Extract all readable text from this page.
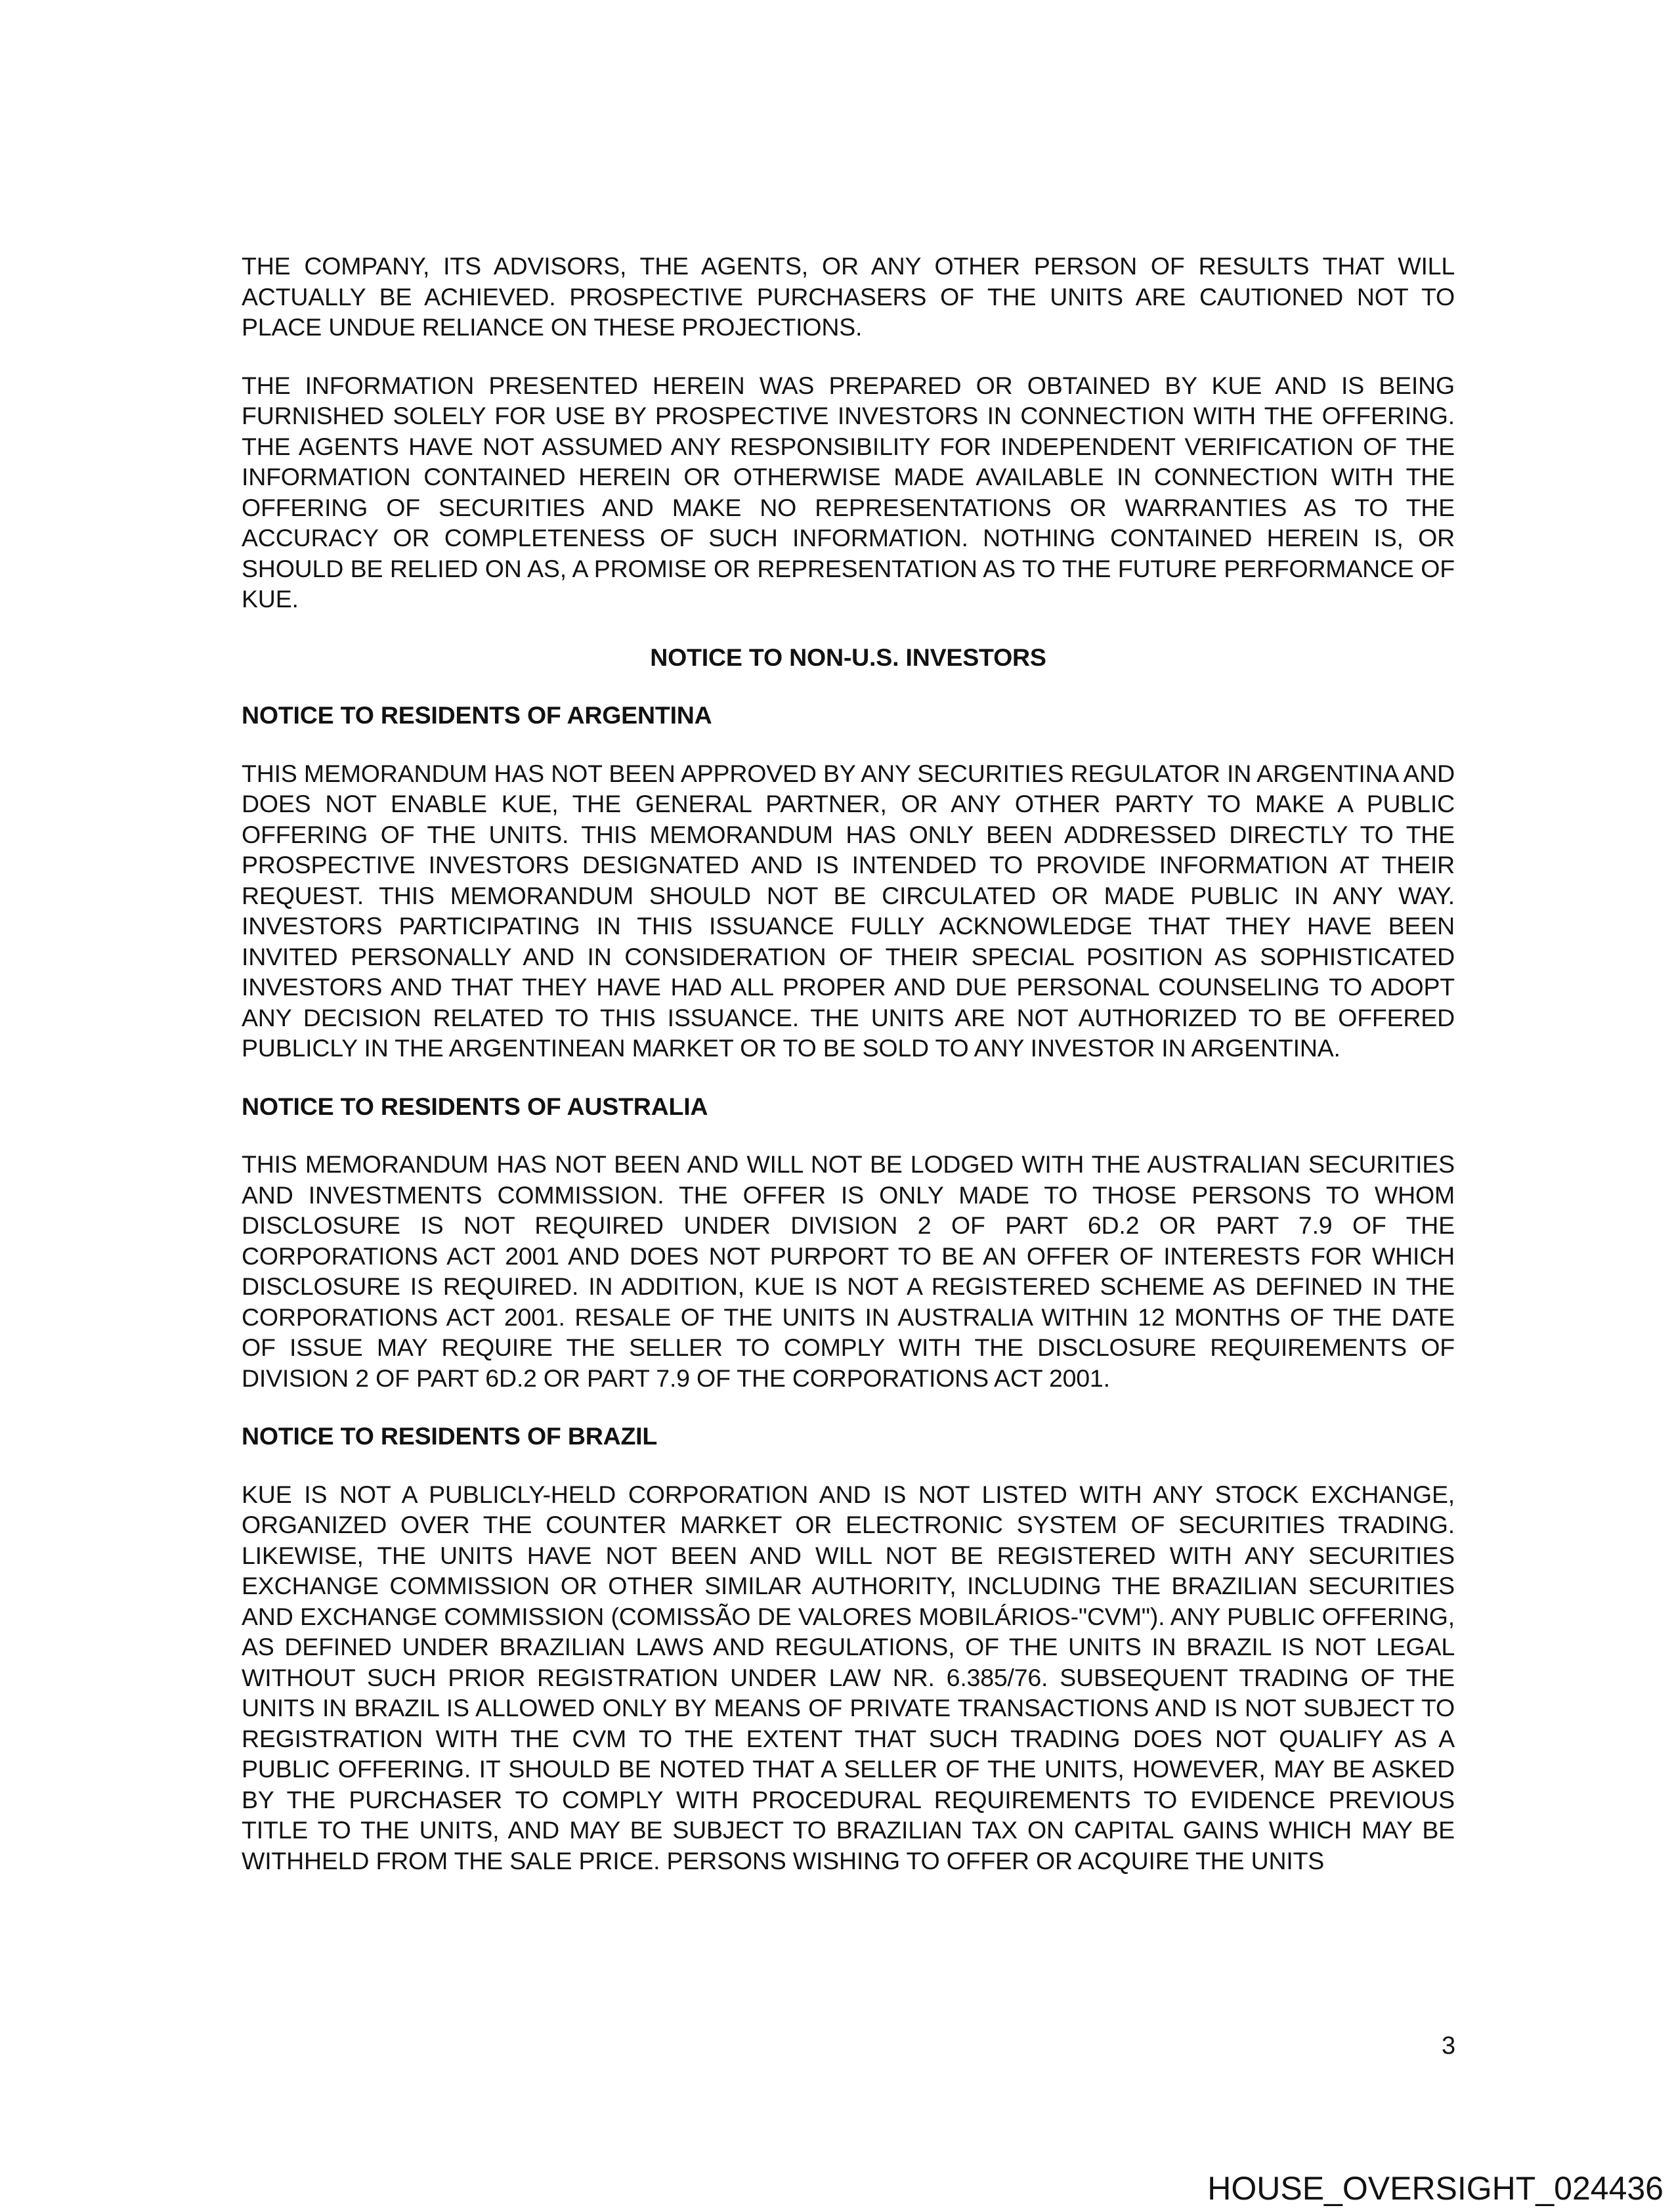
THE COMPANY, ITS ADVISORS, THE AGENTS, OR ANY OTHER PERSON OF RESULTS THAT WILL ACTUALLY BE ACHIEVED. PROSPECTIVE PURCHASERS OF THE UNITS ARE CAUTIONED NOT TO PLACE UNDUE RELIANCE ON THESE PROJECTIONS.

THE INFORMATION PRESENTED HEREIN WAS PREPARED OR OBTAINED BY KUE AND IS BEING FURNISHED SOLELY FOR USE BY PROSPECTIVE INVESTORS IN CONNECTION WITH THE OFFERING. THE AGENTS HAVE NOT ASSUMED ANY RESPONSIBILITY FOR INDEPENDENT VERIFICATION OF THE INFORMATION CONTAINED HEREIN OR OTHERWISE MADE AVAILABLE IN CONNECTION WITH THE OFFERING OF SECURITIES AND MAKE NO REPRESENTATIONS OR WARRANTIES AS TO THE ACCURACY OR COMPLETENESS OF SUCH INFORMATION. NOTHING CONTAINED HEREIN IS, OR SHOULD BE RELIED ON AS, A PROMISE OR REPRESENTATION AS TO THE FUTURE PERFORMANCE OF KUE.

NOTICE TO NON-U.S. INVESTORS
NOTICE TO RESIDENTS OF ARGENTINA

THIS MEMORANDUM HAS NOT BEEN APPROVED BY ANY SECURITIES REGULATOR IN ARGENTINA AND DOES NOT ENABLE KUE, THE GENERAL PARTNER, OR ANY OTHER PARTY TO MAKE A PUBLIC OFFERING OF THE UNITS. THIS MEMORANDUM HAS ONLY BEEN ADDRESSED DIRECTLY TO THE PROSPECTIVE INVESTORS DESIGNATED AND IS INTENDED TO PROVIDE INFORMATION AT THEIR REQUEST. THIS MEMORANDUM SHOULD NOT BE CIRCULATED OR MADE PUBLIC IN ANY WAY. INVESTORS PARTICIPATING IN THIS ISSUANCE FULLY ACKNOWLEDGE THAT THEY HAVE BEEN INVITED PERSONALLY AND IN CONSIDERATION OF THEIR SPECIAL POSITION AS SOPHISTICATED INVESTORS AND THAT THEY HAVE HAD ALL PROPER AND DUE PERSONAL COUNSELING TO ADOPT ANY DECISION RELATED TO THIS ISSUANCE. THE UNITS ARE NOT AUTHORIZED TO BE OFFERED PUBLICLY IN THE ARGENTINEAN MARKET OR TO BE SOLD TO ANY INVESTOR IN ARGENTINA.

NOTICE TO RESIDENTS OF AUSTRALIA

THIS MEMORANDUM HAS NOT BEEN AND WILL NOT BE LODGED WITH THE AUSTRALIAN SECURITIES AND INVESTMENTS COMMISSION. THE OFFER IS ONLY MADE TO THOSE PERSONS TO WHOM DISCLOSURE IS NOT REQUIRED UNDER DIVISION 2 OF PART 6D.2 OR PART 7.9 OF THE CORPORATIONS ACT 2001 AND DOES NOT PURPORT TO BE AN OFFER OF INTERESTS FOR WHICH DISCLOSURE IS REQUIRED. IN ADDITION, KUE IS NOT A REGISTERED SCHEME AS DEFINED IN THE CORPORATIONS ACT 2001. RESALE OF THE UNITS IN AUSTRALIA WITHIN 12 MONTHS OF THE DATE OF ISSUE MAY REQUIRE THE SELLER TO COMPLY WITH THE DISCLOSURE REQUIREMENTS OF DIVISION 2 OF PART 6D.2 OR PART 7.9 OF THE CORPORATIONS ACT 2001.

NOTICE TO RESIDENTS OF BRAZIL

KUE IS NOT A PUBLICLY-HELD CORPORATION AND IS NOT LISTED WITH ANY STOCK EXCHANGE, ORGANIZED OVER THE COUNTER MARKET OR ELECTRONIC SYSTEM OF SECURITIES TRADING. LIKEWISE, THE UNITS HAVE NOT BEEN AND WILL NOT BE REGISTERED WITH ANY SECURITIES EXCHANGE COMMISSION OR OTHER SIMILAR AUTHORITY, INCLUDING THE BRAZILIAN SECURITIES AND EXCHANGE COMMISSION (COMISSÃO DE VALORES MOBILÁRIOS-"CVM"). ANY PUBLIC OFFERING, AS DEFINED UNDER BRAZILIAN LAWS AND REGULATIONS, OF THE UNITS IN BRAZIL IS NOT LEGAL WITHOUT SUCH PRIOR REGISTRATION UNDER LAW NR. 6.385/76. SUBSEQUENT TRADING OF THE UNITS IN BRAZIL IS ALLOWED ONLY BY MEANS OF PRIVATE TRANSACTIONS AND IS NOT SUBJECT TO REGISTRATION WITH THE CVM TO THE EXTENT THAT SUCH TRADING DOES NOT QUALIFY AS A PUBLIC OFFERING. IT SHOULD BE NOTED THAT A SELLER OF THE UNITS, HOWEVER, MAY BE ASKED BY THE PURCHASER TO COMPLY WITH PROCEDURAL REQUIREMENTS TO EVIDENCE PREVIOUS TITLE TO THE UNITS, AND MAY BE SUBJECT TO BRAZILIAN TAX ON CAPITAL GAINS WHICH MAY BE WITHHELD FROM THE SALE PRICE. PERSONS WISHING TO OFFER OR ACQUIRE THE UNITS

3
HOUSE_OVERSIGHT_024436
